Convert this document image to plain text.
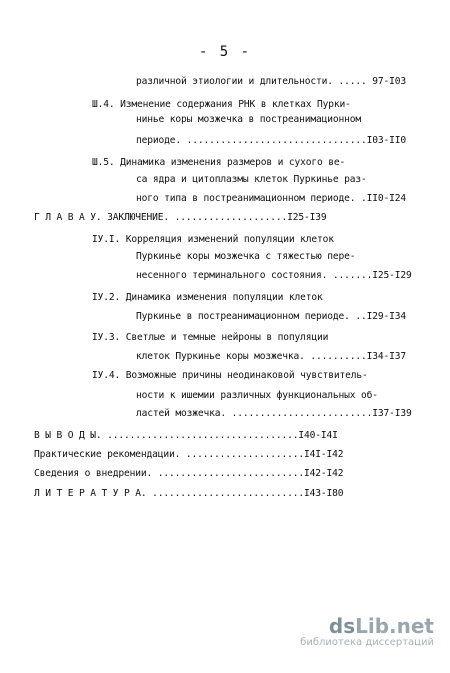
- 5 -
различной этиологии и длительности. ..... 97-I03
Ш.4. Изменение содержания РНК в клетках Пурки-
нинье коры мозжечка в постреанимационном
периоде. ................................I03-II0
Ш.5. Динамика изменения размеров и сухого ве-
са ядра и цитоплазмы клеток Пуркинье раз-
ного типа в постреанимационном периоде. .II0-I24
Г Л А В А У. ЗАКЛЮЧЕНИЕ. ....................I25-I39
IУ.I. Корреляция изменений популяции клеток
Пуркинье коры мозжечка с тяжестью пере-
несенного терминального состояния. .......I25-I29
IУ.2. Динамика изменения популяции клеток
Пуркинье в постреанимационном периоде. ..I29-I34
IУ.3. Светлые и темные нейроны в популяции
клеток Пуркинье коры мозжечка. ..........I34-I37
IУ.4. Возможные причины неодинаковой чувствитель-
ности к ишемии различных функциональных об-
ластей мозжечка. .........................I37-I39
В Ы В О Д Ы. ..................................I40-I4I
Практические рекомендации. .....................I4I-I42
Сведения о внедрении. ..........................I42-I42
Л И Т Е Р А Т У Р А. ...........................I43-I80
dsLib.net
библиотека диссертаций
